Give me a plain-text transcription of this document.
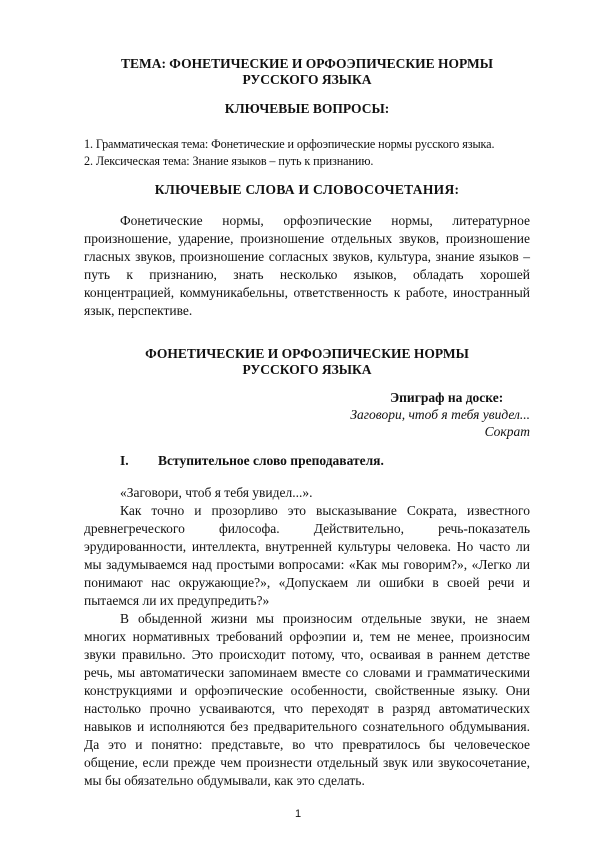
ТЕМА: ФОНЕТИЧЕСКИЕ И ОРФОЭПИЧЕСКИЕ НОРМЫ
РУССКОГО ЯЗЫКА
КЛЮЧЕВЫЕ ВОПРОСЫ:
1. Грамматическая тема: Фонетические и орфоэпические нормы русского языка.
2. Лексическая тема: Знание языков – путь к признанию.
КЛЮЧЕВЫЕ СЛОВА И СЛОВОСОЧЕТАНИЯ:
Фонетические нормы, орфоэпические нормы, литературное произношение, ударение, произношение отдельных звуков, произношение гласных звуков, произношение согласных звуков, культура, знание языков – путь к признанию, знать несколько языков, обладать хорошей концентрацией, коммуникабельны, ответственность к работе, иностранный язык, перспективе.
ФОНЕТИЧЕСКИЕ И ОРФОЭПИЧЕСКИЕ НОРМЫ
РУССКОГО ЯЗЫКА
Эпиграф на доске:
Заговори, чтоб я тебя увидел...
Сократ
I. Вступительное слово преподавателя.

«Заговори, чтоб я тебя увидел...».

Как точно и прозорливо это высказывание Сократа, известного древнегреческого философа. Действительно, речь-показатель эрудированности, интеллекта, внутренней культуры человека. Но часто ли мы задумываемся над простыми вопросами: «Как мы говорим?», «Легко ли понимают нас окружающие?», «Допускаем ли ошибки в своей речи и пытаемся ли их предупредить?»

В обыденной жизни мы произносим отдельные звуки, не знаем многих нормативных требований орфоэпии и, тем не менее, произносим звуки правильно. Это происходит потому, что, осваивая в раннем детстве речь, мы автоматически запоминаем вместе со словами и грамматическими конструкциями и орфоэпические особенности, свойственные языку. Они настолько прочно усваиваются, что переходят в разряд автоматических навыков и исполняются без предварительного сознательного обдумывания. Да это и понятно: представьте, во что превратилось бы человеческое общение, если прежде чем произнести отдельный звук или звукосочетание, мы бы обязательно обдумывали, как это сделать.

1
